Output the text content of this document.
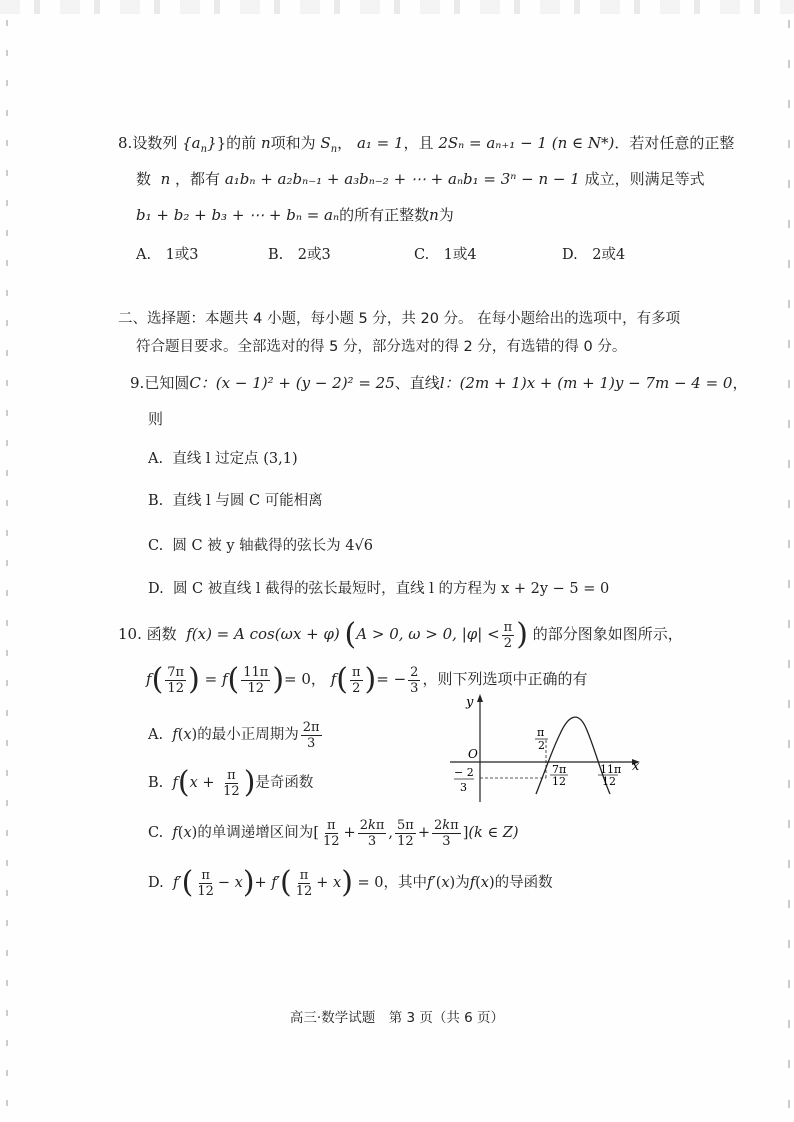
8.设数列 $\{a_n\}$}的前 n项和为 $S_n$， a₁ = 1，且 2Sₙ = aₙ₊₁ − 1 (n ∈ N*)．若对任意的正整
数 n ，都有 a₁bₙ + a₂bₙ₋₁ + a₃bₙ₋₂ + ⋯ + aₙb₁ = 3ⁿ − n − 1 成立，则满足等式
b₁ + b₂ + b₃ + ⋯ + bₙ = aₙ的所有正整数n为
A.　1或3	B.　2或3	C.　1或4	D.　2或4
二、选择题：本题共 4 小题，每小题 5 分，共 20 分。 在每小题给出的选项中，有多项
符合题目要求。全部选对的得 5 分，部分选对的得 2 分，有选错的得 0 分。
9.已知圆C：(x − 1)² + (y − 2)² = 25、直线l：(2m + 1)x + (m + 1)y − 7m − 4 = 0，
则
A. 直线 l 过定点 (3,1)
B. 直线 l 与圆 C 可能相离
C. 圆 C 被 y 轴截得的弦长为 4√6
D. 圆 C 被直线 l 截得的弦长最短时，直线 l 的方程为 x + 2y − 5 = 0
10. 函数 f(x) = A cos(ωx + φ) (A > 0, ω > 0, $|\varphi| < \frac{\pi}{2}$ ) 的部分图象如图所示，
$f( \frac{7\pi}{12}$ ) = $f( \frac{11\pi}{12}$ )= 0， $f( \frac{\pi}{2}$ )= − $\frac{2}{3}$ ，则下列选项中正确的有
A. f(x)的最小正周期为 $\frac{2\pi}{3}$
B. $f(x + \frac{\pi}{12}$ )是奇函数
C. f(x)的单调递增区间为[ $\frac{\pi}{12} + \frac{2k\pi}{3}$ , $\frac{5\pi}{12} + \frac{2k\pi}{3} ](k$ ∈ Z)
D. $f'( \frac{\pi}{12} - x)+ f'( \frac{\pi}{12} + x) = 0$，其中f′(x)为f(x)的导函数
y
x
O
π
2
7π
12
11π
12
− 2
3
高三·数学试题　第 3 页（共 6 页）
